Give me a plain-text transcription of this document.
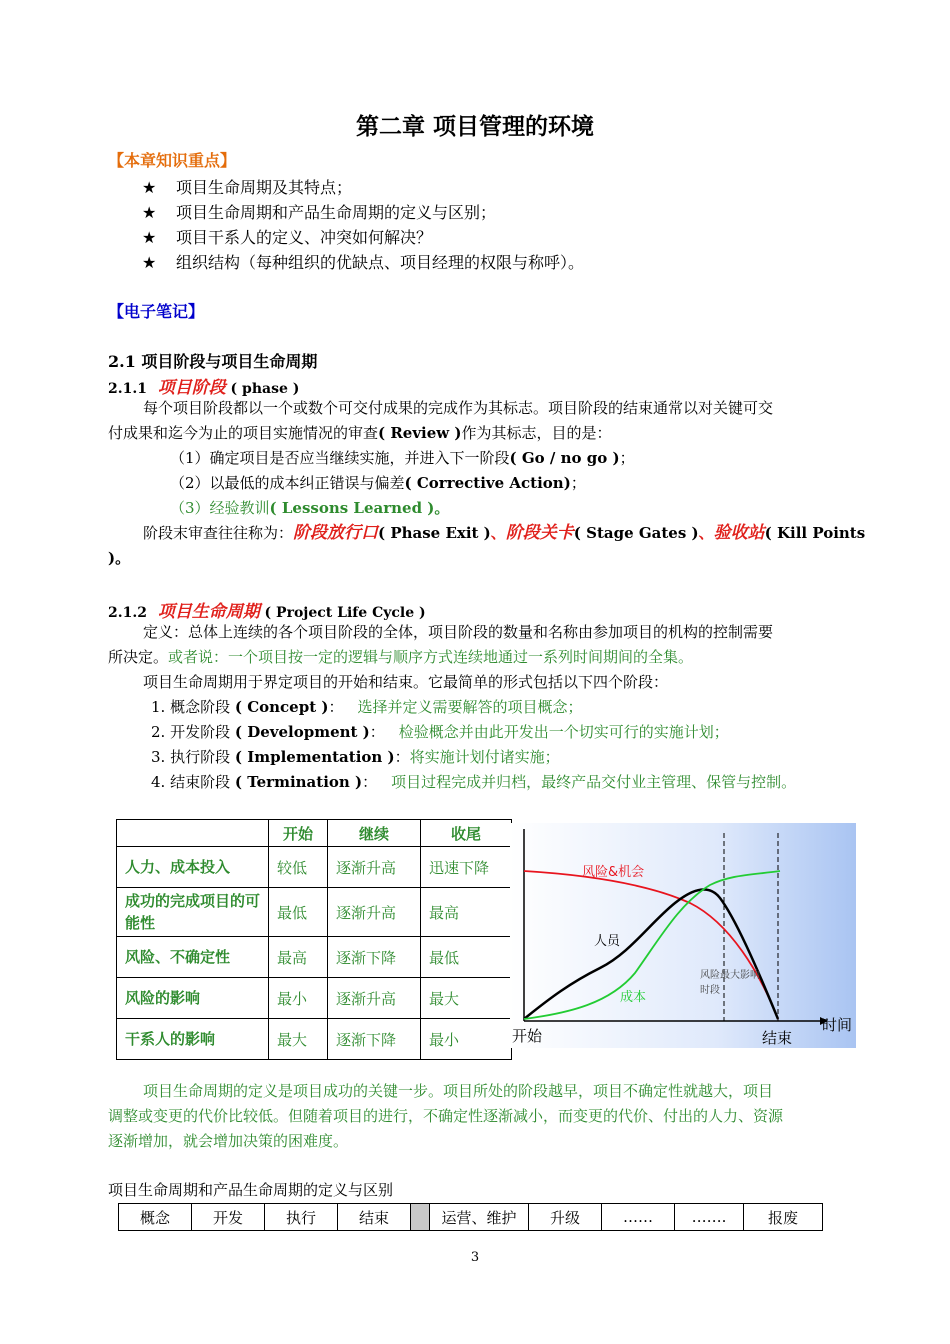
第二章 项目管理的环境
【本章知识重点】
★ 项目生命周期及其特点；
★ 项目生命周期和产品生命周期的定义与区别；
★ 项目干系人的定义、冲突如何解决？
★ 组织结构（每种组织的优缺点、项目经理的权限与称呼）。
【电子笔记】
2.1 项目阶段与项目生命周期
2.1.1 项目阶段 ( phase )
每个项目阶段都以一个或数个可交付成果的完成作为其标志。项目阶段的结束通常以对关键可交
付成果和迄今为止的项目实施情况的审查( Review )作为其标志，目的是：
（1）确定项目是否应当继续实施，并进入下一阶段( Go / no go )；
（2）以最低的成本纠正错误与偏差( Corrective Action)；
（3）经验教训( Lessons Learned )。
阶段末审查往往称为：阶段放行口( Phase Exit )、阶段关卡( Stage Gates )、验收站( Kill Points
)。
2.1.2 项目生命周期 ( Project Life Cycle )
定义：总体上连续的各个项目阶段的全体，项目阶段的数量和名称由参加项目的机构的控制需要
所决定。或者说：一个项目按一定的逻辑与顺序方式连续地通过一系列时间期间的全集。
项目生命周期用于界定项目的开始和结束。它最简单的形式包括以下四个阶段：
1. 概念阶段 ( Concept )： 选择并定义需要解答的项目概念；
2. 开发阶段 ( Development )： 检验概念并由此开发出一个切实可行的实施计划；
3. 执行阶段 ( Implementation )：将实施计划付诸实施；
4. 结束阶段 ( Termination )： 项目过程完成并归档，最终产品交付业主管理、保管与控制。
	开始	继续	收尾
人力、成本投入	较低	逐渐升高	迅速下降
成功的完成项目的可能性	最低	逐渐升高	最高
风险、不确定性	最高	逐渐下降	最低
风险的影响	最小	逐渐升高	最大
干系人的影响	最大	逐渐下降	最小
风险&机会
人员
成本
风险最大影响
时段
开始	结束
时间
项目生命周期的定义是项目成功的关键一步。项目所处的阶段越早，项目不确定性就越大，项目
调整或变更的代价比较低。但随着项目的进行，不确定性逐渐减小，而变更的代价、付出的人力、资源
逐渐增加，就会增加决策的困难度。
项目生命周期和产品生命周期的定义与区别
概念	开发	执行	结束		运营、维护	升级	……	…….	报废
3
